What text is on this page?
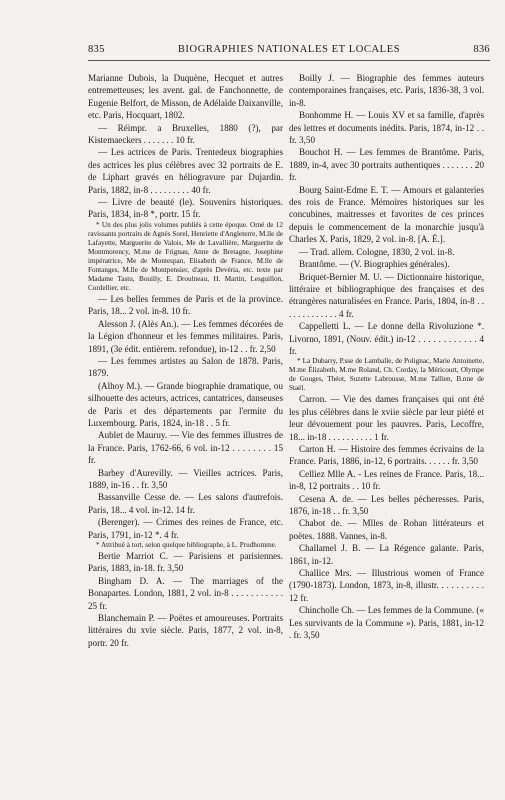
835	BIOGRAPHIES NATIONALES ET LOCALES	836

Marianne Dubois, la Duquène, Hecquet et autres entremetteuses; les avent. gal. de Fanchonnette, de Eugenie Belfort, de Misson, de Adélaïde Daixanville, etc. Paris, Hocquart, 1802.

— Réimpr. a Bruxelles, 1880 (?), par Kistemaeckers . . . . . . . 10 fr.

— Les actrices de Paris. Trentedeux biographies des actrices les plus célèbres avec 32 portraits de E. de Liphart gravés en héliogravure par Dujardin. Paris, 1882, in-8 . . . . . . . . . 40 fr.

— Livre de beauté (le). Souvenirs historiques. Paris, 1834, in-8 *, portr. 15 fr.

* Un des plus jolis volumes publiés à cette époque. Orné de 12 ravissants portraits de Agnès Sorel, Henriette d'Angleterre, M.lle de Lafayette, Marguerite de Valois, Me de Lavallière, Marguerite de Montmorency, M.me de Frignau, Anne de Bretagne, Josephine impératrice, Me de Montespan, Elisabeth de France, M.lle de Fontanges, M.lle de Montpensier, d'après Devéria, etc. texte par Madame Tastu, Bouilly, E. Droulneau, H. Martin, Lesguillon, Cordellier, etc.

— Les belles femmes de Paris et de la province. Paris, 18... 2 vol. in-8. 10 fr.

Alesson J. (Alès An.). — Les femmes décorées de la Légion d'honneur et les femmes militaires. Paris, 1891, (3e édit. entièrem. refondue), in-12 . . fr. 2,50

— Les femmes artistes au Salon de 1878. Paris, 1879.

(Alhoy M.). — Grande biographie dramatique, ou silhouette des acteurs, actrices, cantatrices, danseuses de Paris et des départements par l'ermite du Luxembourg. Paris, 1824, in-18 . . 5 fr.

Aublet de Mauruy. — Vie des femmes illustres de la France. Paris, 1762-66, 6 vol. in-12 . . . . . . . . 15 fr.

Barbey d'Aurevilly. — Vieilles actrices. Paris, 1889, in-16 . . fr. 3,50

Bassanville Cesse de. — Les salons d'autrefois. Paris, 18... 4 vol. in-12. 14 fr.

(Berenger). — Crimes des reines de France, etc. Paris, 1791, in-12 *. 4 fr.

* Attribué à tort, selon quelque bibliographe, à L. Prudhomme.

Bertie Marriot C. — Parisiens et parisiennes. Paris, 1883, in-18. fr. 3,50

Bingham D. A. — The marriages of the Bonapartes. London, 1881, 2 vol. in-8 . . . . . . . . . . . 25 fr.

Blanchemain P. — Poëtes et amoureuses. Portraits littéraires du xvie siècle. Paris, 1877, 2 vol. in-8, portr. 20 fr.

Boilly J. — Biographie des femmes auteurs contemporaines françaises, etc. Paris, 1836-38, 3 vol. in-8.

Bonhomme H. — Louis XV et sa famille, d'après des lettres et documents inédits. Paris, 1874, in-12 . . fr. 3,50

Bouchot H. — Les femmes de Brantôme. Paris, 1889, in-4, avec 30 portraits authentiques . . . . . . . 20 fr.

Bourg Saint-Edme E. T. — Amours et galanteries des rois de France. Mémoires historiques sur les concubines, maitresses et favorites de ces princes depuis le commencement de la monarchie jusqu'à Charles X. Paris, 1829, 2 vol. in-8. [A. É.].

— Trad. allem. Cologne, 1830, 2 vol. in-8.

Brantôme. — (V. Biographies générales).

Briquet-Bernier M. U. — Dictionnaire historique, littéraire et bibliographique des françaises et des étrangères naturalisées en France. Paris, 1804, in-8 . . . . . . . . . . . . . 4 fr.

Cappelletti L. — Le donne della Rivoluzione *. Livorno, 1891, (Nouv. édit.) in-12 . . . . . . . . . . . . 4 fr.

* La Dubarry, P.sse de Lamballe, de Polignac, Marie Antoinette, M.me Élizabeth, M.me Roland, Ch. Corday, la Méricourt, Olympe de Gouges, Théot, Suzette Labrousse, M.me Tallien, B.nne de Staël.

Carron. — Vie des dames françaises qui ont été les plus célèbres dans le xviie siècle par leur piété et leur dévouement pour les pauvres. Paris, Lecoffre, 18... in-18 . . . . . . . . . . 1 fr.

Carton H. — Histoire des femmes écrivains de la France. Paris, 1886, in-12, 6 portraits. . . . . . fr. 3,50

Celliez Mlle A. - Les reines de France. Paris, 18... in-8, 12 portraits . . 10 fr.

Cesena A. de. — Les belles pécheresses. Paris, 1876, in-18 . . fr. 3,50

Chabot de. — Mlles de Rohan littérateurs et poëtes. 1888. Vannes, in-8.

Challamel J. B. — La Régence galante. Paris, 1861, in-12.

Challice Mrs. — Illustrious women of France (1790-1873). London, 1873, in-8, illustr. . . . . . . . . . 12 fr.

Chincholle Ch. — Les femmes de la Commune. (« Les survivants de la Commune »). Paris, 1881, in-12 . fr. 3,50
